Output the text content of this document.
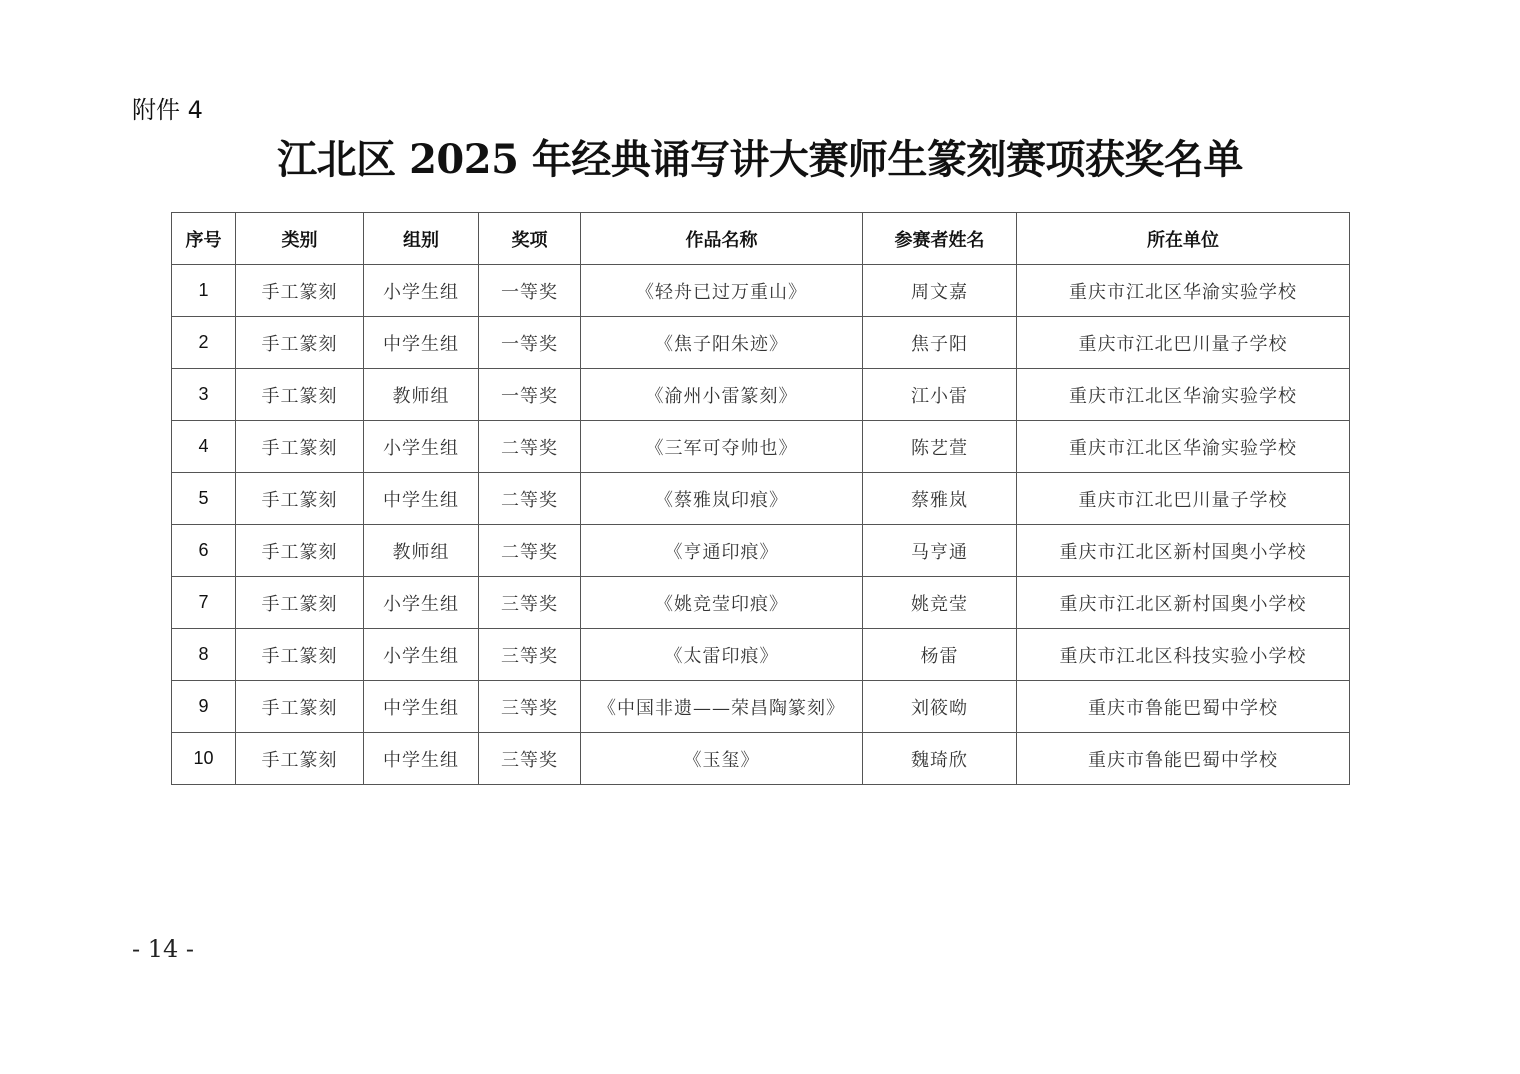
附件 4
江北区 2025 年经典诵写讲大赛师生篆刻赛项获奖名单
序号	类别	组别	奖项	作品名称	参赛者姓名	所在单位
1	手工篆刻	小学生组	一等奖	《轻舟已过万重山》	周文嘉	重庆市江北区华渝实验学校
2	手工篆刻	中学生组	一等奖	《焦子阳朱迹》	焦子阳	重庆市江北巴川量子学校
3	手工篆刻	教师组	一等奖	《渝州小雷篆刻》	江小雷	重庆市江北区华渝实验学校
4	手工篆刻	小学生组	二等奖	《三军可夺帅也》	陈艺萱	重庆市江北区华渝实验学校
5	手工篆刻	中学生组	二等奖	《蔡雅岚印痕》	蔡雅岚	重庆市江北巴川量子学校
6	手工篆刻	教师组	二等奖	《亨通印痕》	马亨通	重庆市江北区新村国奥小学校
7	手工篆刻	小学生组	三等奖	《姚竞莹印痕》	姚竞莹	重庆市江北区新村国奥小学校
8	手工篆刻	小学生组	三等奖	《太雷印痕》	杨雷	重庆市江北区科技实验小学校
9	手工篆刻	中学生组	三等奖	《中国非遗——荣昌陶篆刻》	刘筱呦	重庆市鲁能巴蜀中学校
10	手工篆刻	中学生组	三等奖	《玉玺》	魏琦欣	重庆市鲁能巴蜀中学校
- 14 -
